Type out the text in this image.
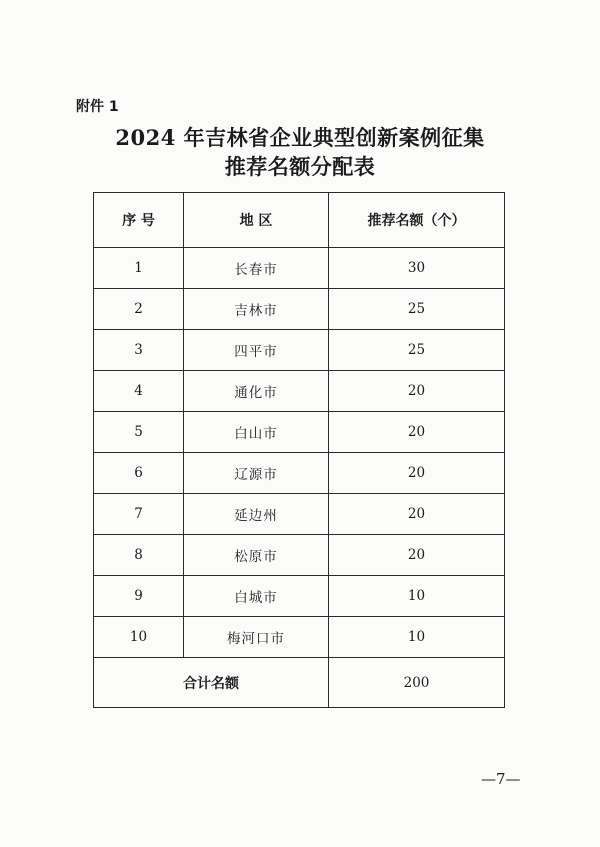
附件 1
2024 年吉林省企业典型创新案例征集
推荐名额分配表
序 号	地 区	推荐名额（个）
1	长春市	30
2	吉林市	25
3	四平市	25
4	通化市	20
5	白山市	20
6	辽源市	20
7	延边州	20
8	松原市	20
9	白城市	10
10	梅河口市	10
合计名额		200
—7—
